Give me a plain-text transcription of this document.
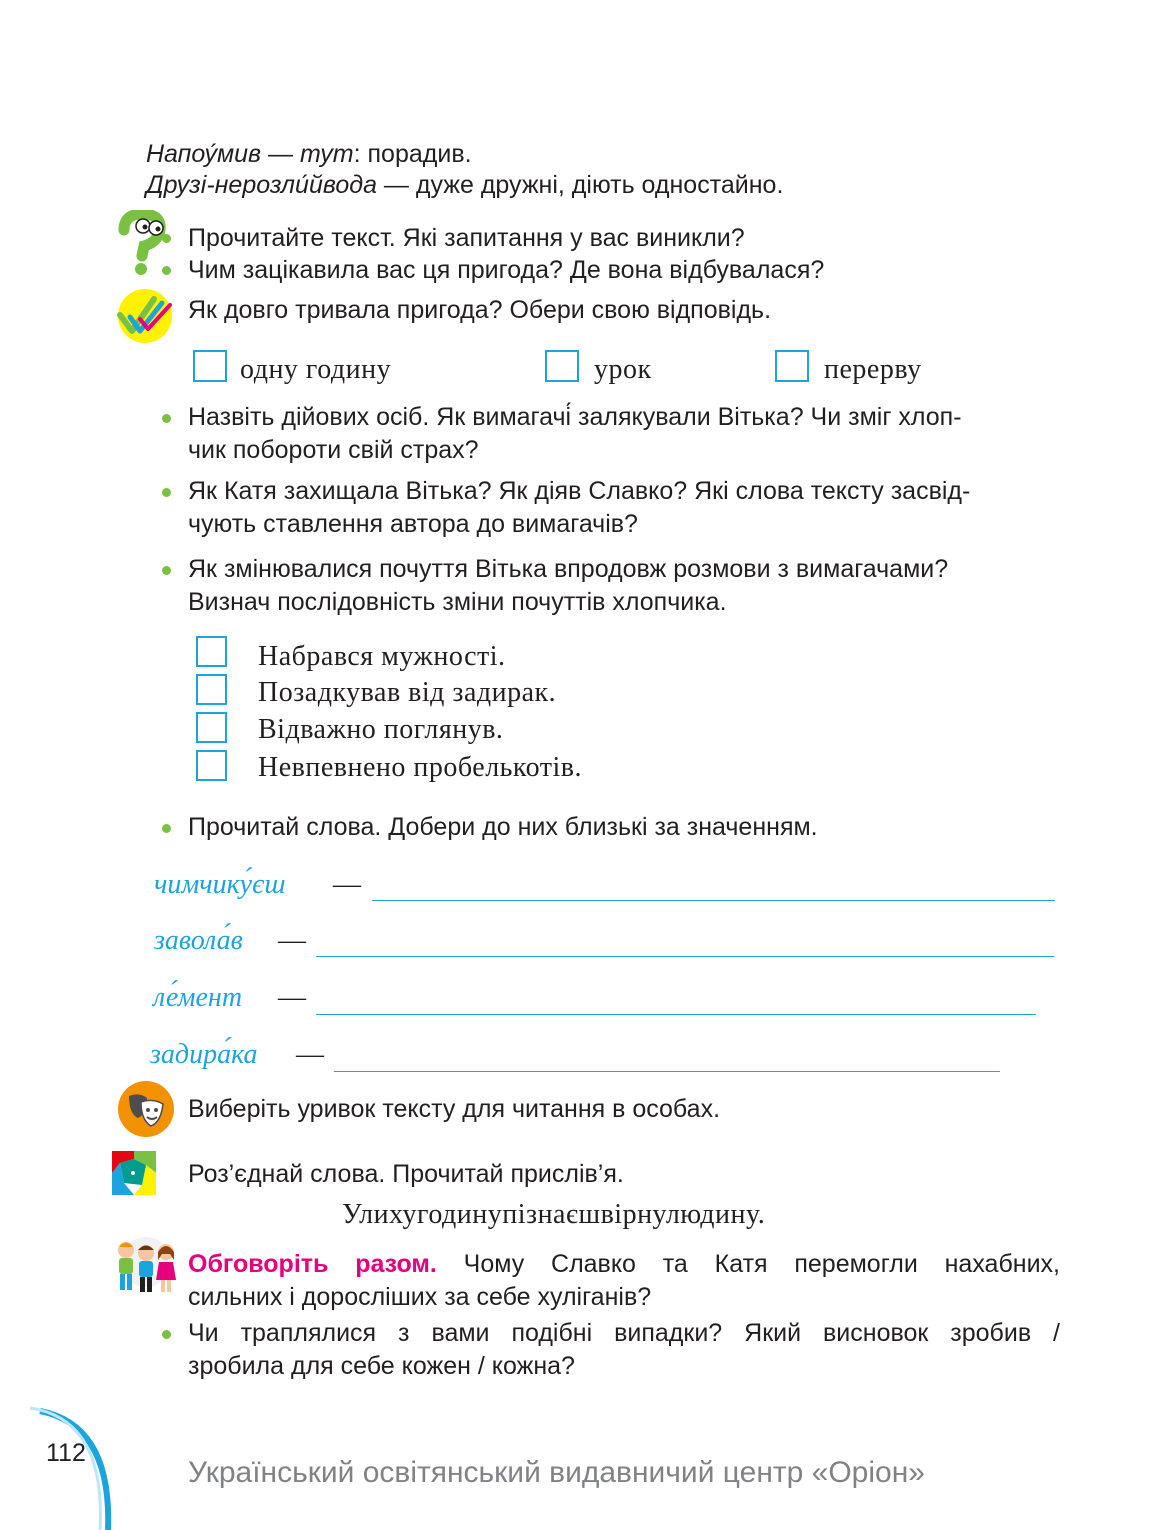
Напоу́мив — тут: порадив.
Друзі-нерозли́йвода — дуже дружні, діють одностайно.
Прочитайте текст. Які запитання у вас виникли?
Чим зацікавила вас ця пригода? Де вона відбувалася?
Як довго тривала пригода? Обери свою відповідь.
одну годину	урок	перерву
Назвіть дійових осіб. Як вимагачі́ залякували Вітька? Чи зміг хлоп-
чик побороти свій страх?
Як Катя захищала Вітька? Як діяв Славко? Які слова тексту засвід-
чують ставлення автора до вимагачів?
Як змінювалися почуття Вітька впродовж розмови з вимагачами?
Визнач послідовність зміни почуттів хлопчика.
Набрався мужності.
Позадкував від задирак.
Відважно поглянув.
Невпевнено пробелькотів.
Прочитай слова. Добери до них близькі за значенням.
чимчику́єш —
завола́в —
ле́мент —
задира́ка —
Виберіть уривок тексту для читання в особах.
Роз’єднай слова. Прочитай прислів’я.
Улихугодинупізнаєшвірнулюдину.
Обговоріть разом. Чому Славко та Катя перемогли нахабних,
сильних і дорослiших за себе хуліганів?
Чи траплялися з вами подібні випадки? Який висновок зробив /
зробила для себе кожен / кожна?
112
Український освітянський видавничий центр «Оріон»
